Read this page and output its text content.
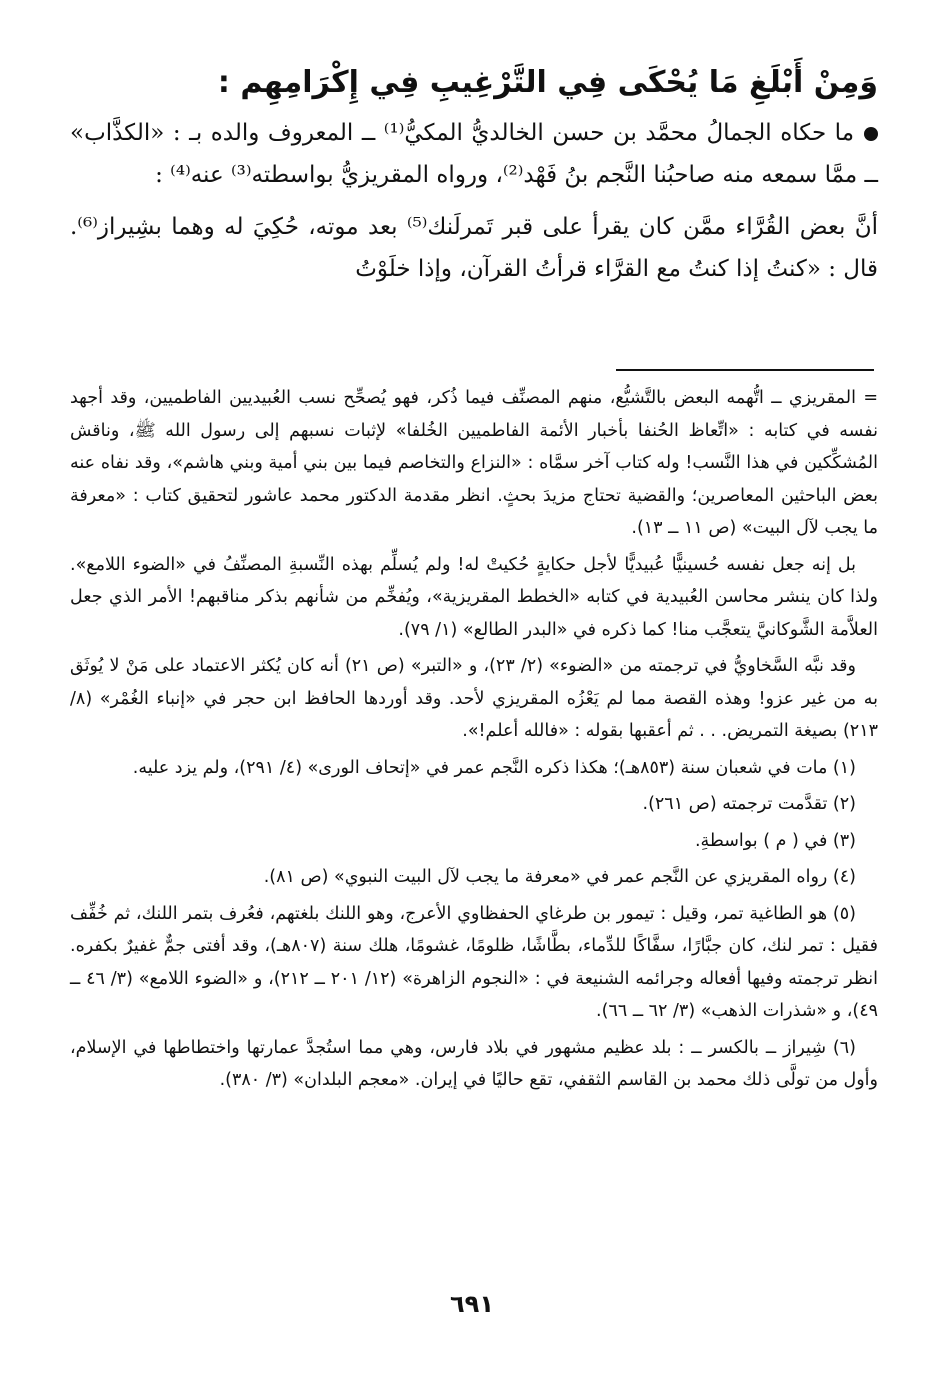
وَمِنْ أَبْلَغِ مَا يُحْكَى فِي التَّرْغِيبِ فِي إِكْرَامِهِم :

ما حكاه الجمالُ محمَّد بن حسن الخالديُّ المكيُّ⁽¹⁾ ــ المعروف والده بـ : «الكذَّاب» ــ ممَّا سمعه منه صاحبُنا النَّجم بنُ فَهْد⁽²⁾، ورواه المقريزيُّ بواسطته⁽³⁾ عنه⁽⁴⁾ :

أنَّ بعض القُرَّاء ممَّن كان يقرأ على قبر تَمرلَنك⁽⁵⁾ بعد موته، حُكِيَ له وهما بشِيراز⁽⁶⁾. قال : «كنتُ إذا كنتُ مع القرَّاء قرأتُ القرآن، وإذا خلَوْتُ

= المقريزي ــ اتُّهمه البعض بالتَّشيُّع، منهم المصنِّف فيما ذُكر، فهو يُصحِّح نسب العُبيديين الفاطميين، وقد أجهد نفسه في كتابه : «اتِّعاظ الحُنفا بأخبار الأئمة الفاطميين الخُلفا» لإثبات نسبهم إلى رسول الله ﷺ، وناقش المُشكِّكين في هذا النَّسب! وله كتاب آخر سمَّاه : «النزاع والتخاصم فيما بين بني أمية وبني هاشم»، وقد نفاه عنه بعض الباحثين المعاصرين؛ والقضية تحتاج مزيدَ بحثٍ. انظر مقدمة الدكتور محمد عاشور لتحقيق كتاب : «معرفة ما يجب لآل البيت» (ص ١١ ــ ١٣).

بل إنه جعل نفسه حُسينيًّا عُبيديًّا لأجل حكايةٍ حُكيتْ له! ولم يُسلِّم بهذه النِّسبةِ المصنِّفُ في «الضوء اللامع». ولذا كان ينشر محاسن العُبيدية في كتابه «الخطط المقريزية»، ويُفخِّم من شأنهم بذكر مناقبهم! الأمر الذي جعل العلاَّمة الشَّوكانيَّ يتعجَّب منا! كما ذكره في «البدر الطالع» (١/ ٧٩).

وقد نبَّه السَّخاويُّ في ترجمته من «الضوء» (٢/ ٢٣)، و «التبر» (ص ٢١) أنه كان يُكثر الاعتماد على مَنْ لا يُوثَق به من غير عزو! وهذه القصة مما لم يَعْزُه المقريزي لأحد. وقد أوردها الحافظ ابن حجر في «إنباء الغُمْر» (٨/ ٢١٣) بصيغة التمريض. . . ثم أعقبها بقوله : «فالله أعلم!».

(١) مات في شعبان سنة (٨٥٣هـ)؛ هكذا ذكره النَّجم عمر في «إتحاف الورى» (٤/ ٢٩١)، ولم يزد عليه.

(٢) تقدَّمت ترجمته (ص ٢٦١).

(٣) في ( م ) بواسطةِ.

(٤) رواه المقريزي عن النَّجم عمر في «معرفة ما يجب لآل البيت النبوي» (ص ٨١).

(٥) هو الطاغية تمر، وقيل : تيمور بن طرغاي الحفظاوي الأعرج، وهو اللنك بلغتهم، فعُرف بتمر اللنك، ثم خُفِّف فقيل : تمر لنك، كان جبَّارًا، سفَّاكًا للدِّماء، بطَّاشًا، ظلومًا، غشومًا، هلك سنة (٨٠٧هـ)، وقد أفتى جمٌّ غفيرٌ بكفره. انظر ترجمته وفيها أفعاله وجرائمه الشنيعة في : «النجوم الزاهرة» (١٢/ ٢٠١ ــ ٢١٢)، و «الضوء اللامع» (٣/ ٤٦ ــ ٤٩)، و «شذرات الذهب» (٣/ ٦٢ ــ ٦٦).

(٦) شِيراز ــ بالكسر ــ : بلد عظيم مشهور في بلاد فارس، وهي مما استُجدَّ عمارتها واختطاطها في الإسلام، وأول من تولَّى ذلك محمد بن القاسم الثقفي، تقع حاليًا في إيران. «معجم البلدان» (٣/ ٣٨٠).

٦٩١
